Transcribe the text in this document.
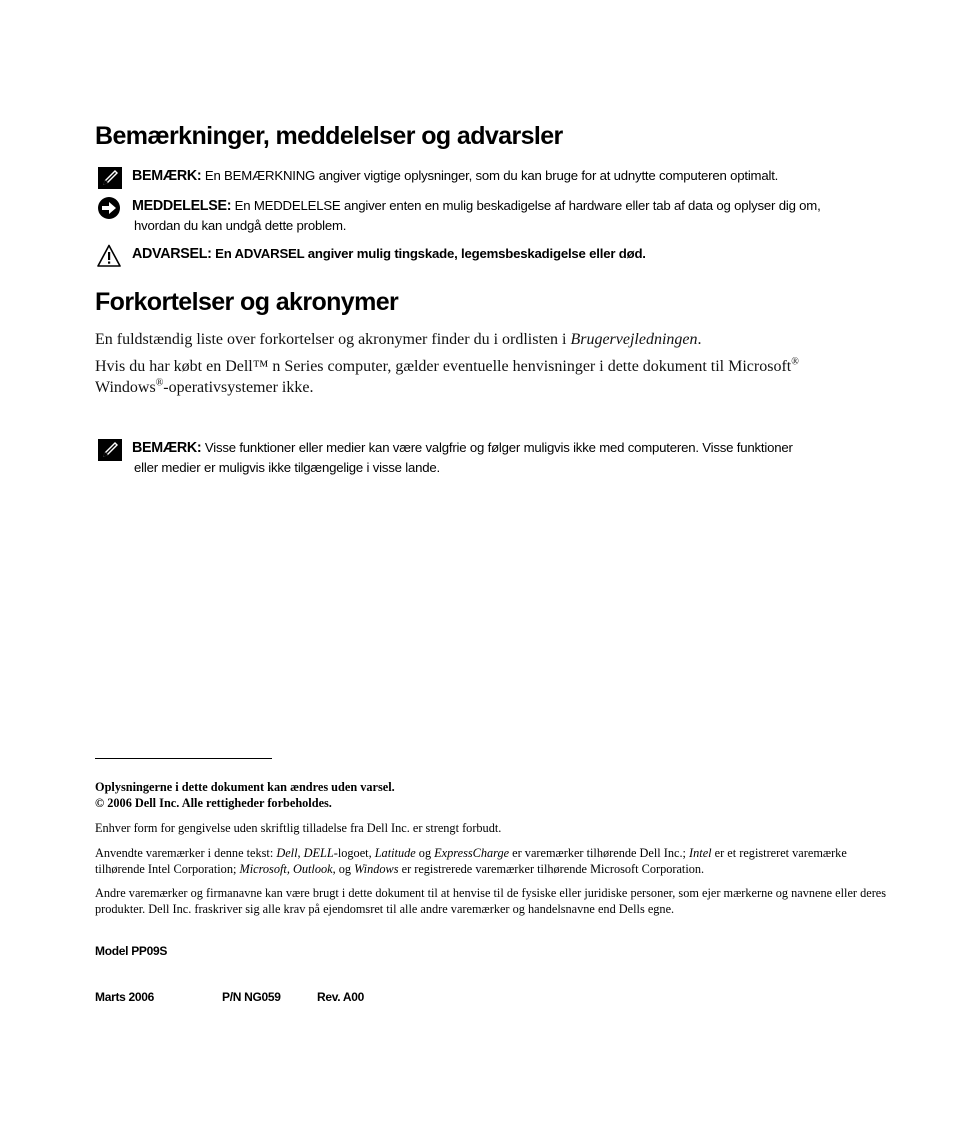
Bemærkninger, meddelelser og advarsler
BEMÆRK: En BEMÆRKNING angiver vigtige oplysninger, som du kan bruge for at udnytte computeren optimalt.
MEDDELELSE: En MEDDELELSE angiver enten en mulig beskadigelse af hardware eller tab af data og oplyser dig om,
hvordan du kan undgå dette problem.
ADVARSEL: En ADVARSEL angiver mulig tingskade, legemsbeskadigelse eller død.
Forkortelser og akronymer
En fuldstændig liste over forkortelser og akronymer finder du i ordlisten i Brugervejledningen.
Hvis du har købt en Dell™ n Series computer, gælder eventuelle henvisninger i dette dokument til Microsoft®
Windows®-operativsystemer ikke.
BEMÆRK: Visse funktioner eller medier kan være valgfrie og følger muligvis ikke med computeren. Visse funktioner
eller medier er muligvis ikke tilgængelige i visse lande.
Oplysningerne i dette dokument kan ændres uden varsel.
© 2006 Dell Inc. Alle rettigheder forbeholdes.
Enhver form for gengivelse uden skriftlig tilladelse fra Dell Inc. er strengt forbudt.
Anvendte varemærker i denne tekst: Dell, DELL-logoet, Latitude og ExpressCharge er varemærker tilhørende Dell Inc.; Intel er et registreret varemærke tilhørende Intel Corporation; Microsoft, Outlook, og Windows er registrerede varemærker tilhørende Microsoft Corporation.
Andre varemærker og firmanavne kan være brugt i dette dokument til at henvise til de fysiske eller juridiske personer, som ejer mærkerne og navnene eller deres produkter. Dell Inc. fraskriver sig alle krav på ejendomsret til alle andre varemærker og handelsnavne end Dells egne.
Model PP09S
Marts 2006	P/N NG059	Rev. A00
